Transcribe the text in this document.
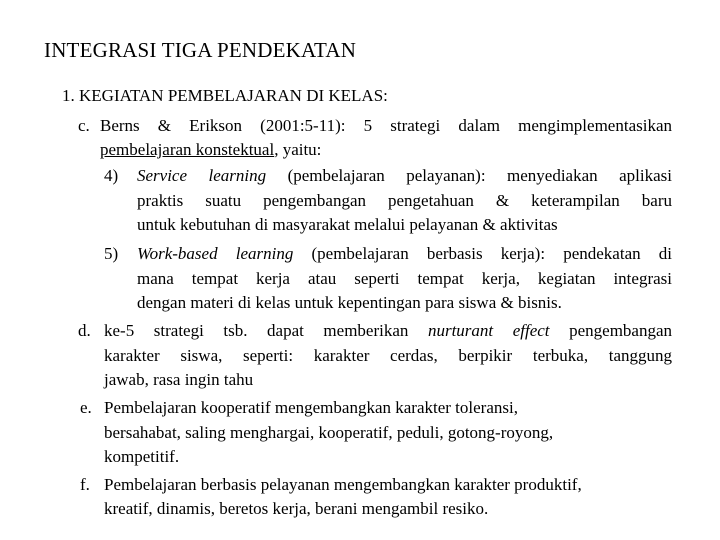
INTEGRASI TIGA PENDEKATAN
1. KEGIATAN PEMBELAJARAN DI KELAS:
c. Berns & Erikson (2001:5-11): 5 strategi dalam mengimplementasikan
pembelajaran konstektual, yaitu:
4) Service learning (pembelajaran pelayanan): menyediakan aplikasi
praktis suatu pengembangan pengetahuan & keterampilan baru
untuk kebutuhan di masyarakat melalui pelayanan & aktivitas
5) Work-based learning (pembelajaran berbasis kerja): pendekatan di
mana tempat kerja atau seperti tempat kerja, kegiatan integrasi
dengan materi di kelas untuk kepentingan para siswa & bisnis.
d. ke-5 strategi tsb. dapat memberikan nurturant effect pengembangan
karakter siswa, seperti: karakter cerdas, berpikir terbuka, tanggung
jawab, rasa ingin tahu
e. Pembelajaran kooperatif mengembangkan karakter toleransi,
bersahabat, saling menghargai, kooperatif, peduli, gotong-royong,
kompetitif.
f. Pembelajaran berbasis pelayanan mengembangkan karakter produktif,
kreatif, dinamis, beretos kerja, berani mengambil resiko.
